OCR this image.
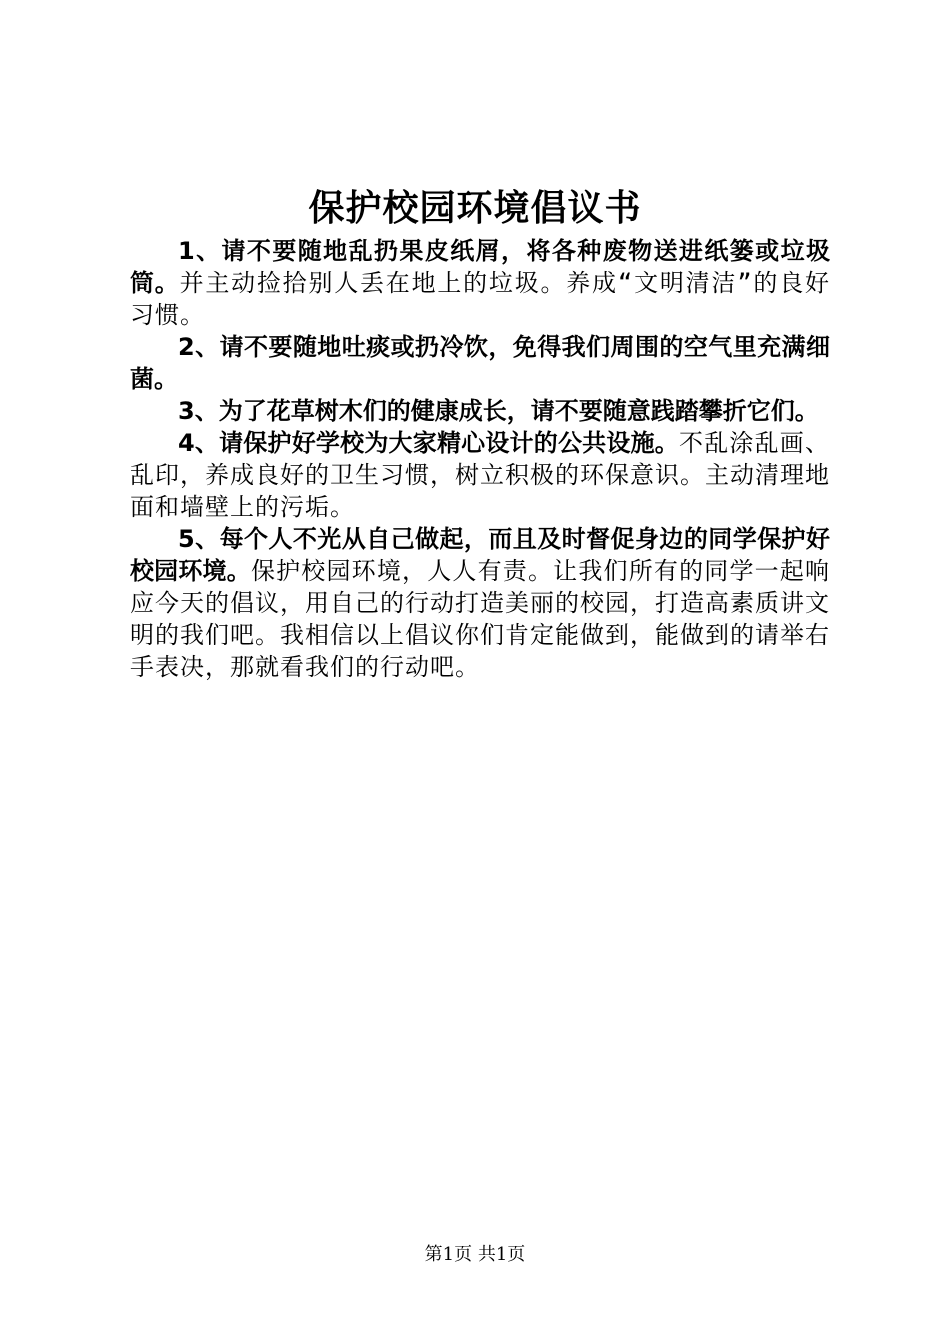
保护校园环境倡议书

1、请不要随地乱扔果皮纸屑，将各种废物送进纸篓或垃圾筒。并主动捡拾别人丢在地上的垃圾。养成“文明清洁”的良好习惯。

2、请不要随地吐痰或扔冷饮，免得我们周围的空气里充满细菌。

3、为了花草树木们的健康成长，请不要随意践踏攀折它们。

4、请保护好学校为大家精心设计的公共设施。不乱涂乱画、乱印，养成良好的卫生习惯，树立积极的环保意识。主动清理地面和墙壁上的污垢。

5、每个人不光从自己做起，而且及时督促身边的同学保护好校园环境。保护校园环境，人人有责。让我们所有的同学一起响应今天的倡议，用自己的行动打造美丽的校园，打造高素质讲文明的我们吧。我相信以上倡议你们肯定能做到，能做到的请举右手表决，那就看我们的行动吧。

第1页 共1页
